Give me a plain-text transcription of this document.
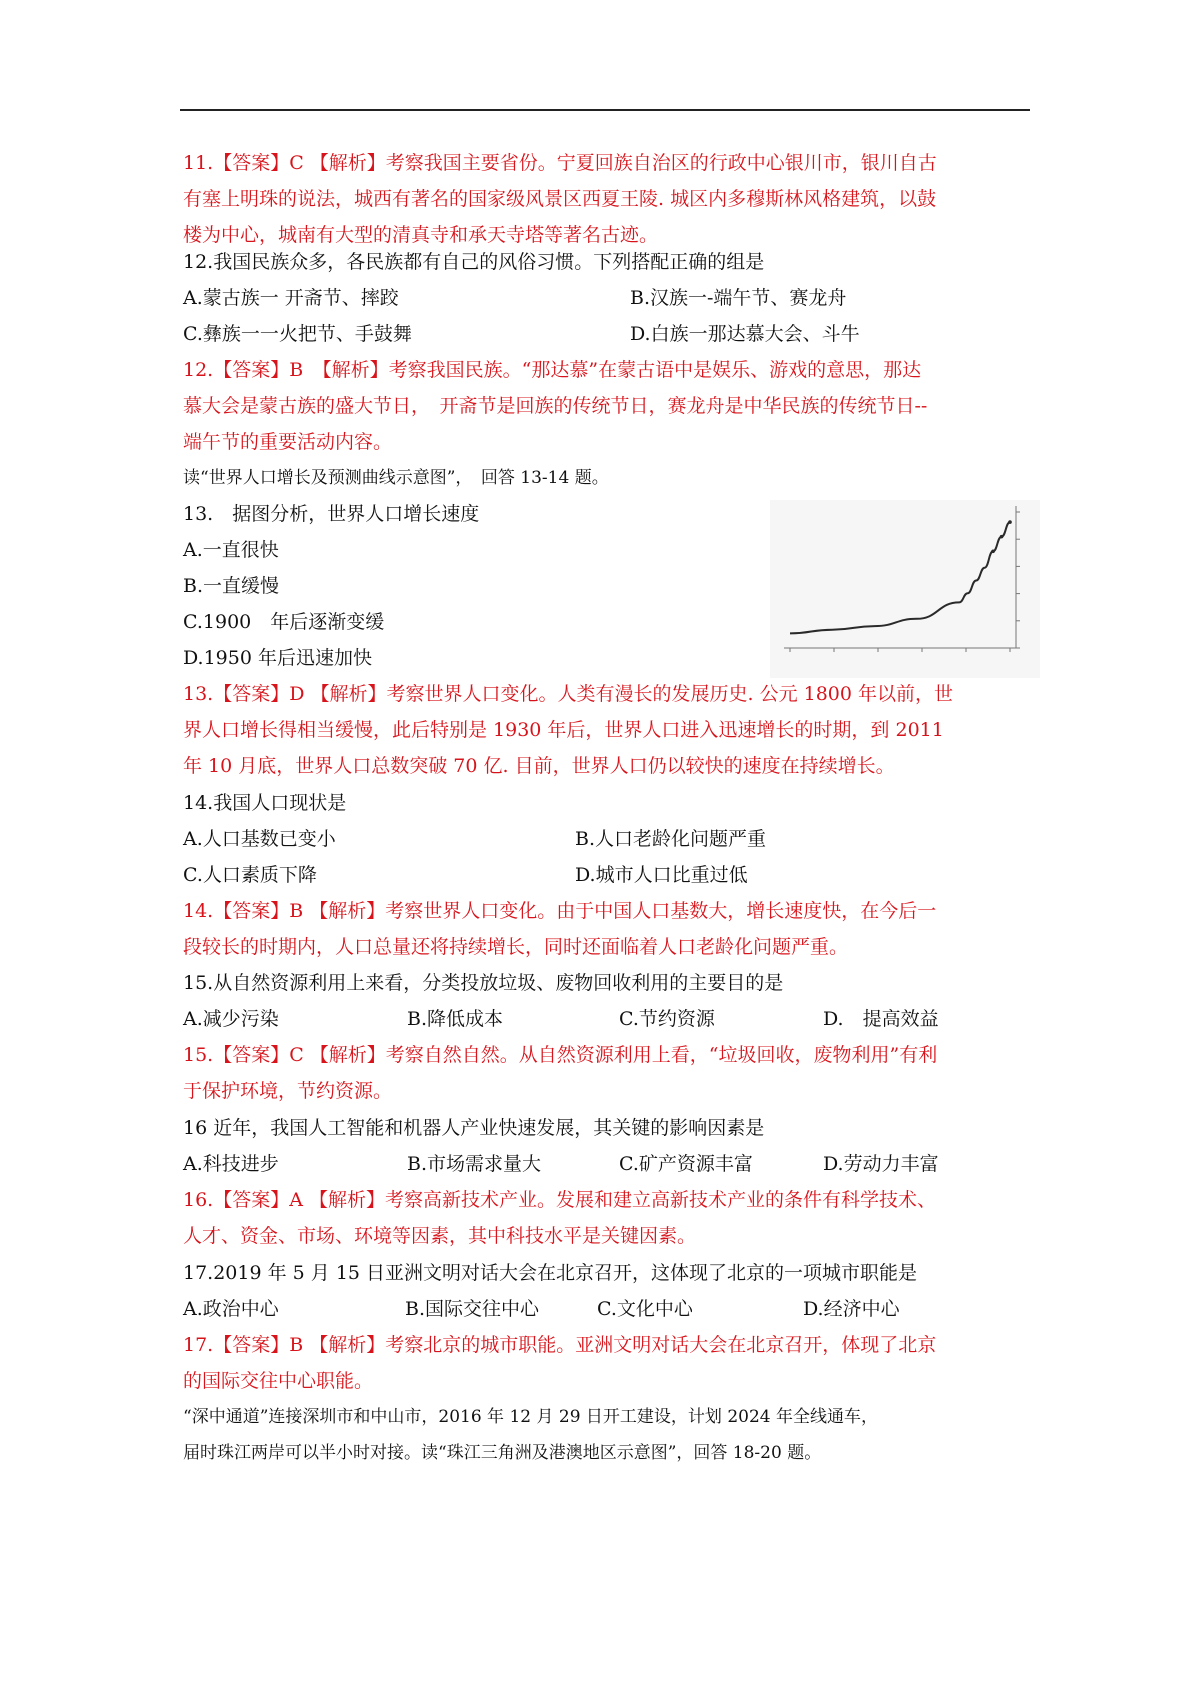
11.【答案】C 【解析】考察我国主要省份。宁夏回族自治区的行政中心银川市，银川自古
有塞上明珠的说法，城西有著名的国家级风景区西夏王陵. 城区内多穆斯林风格建筑，以鼓
楼为中心，城南有大型的清真寺和承天寺塔等著名古迹。
12.我国民族众多，各民族都有自己的风俗习惯。下列搭配正确的组是
A.蒙古族一 开斋节、摔跤	B.汉族一-端午节、赛龙舟
C.彝族一一火把节、手鼓舞	D.白族一那达慕大会、斗牛
12.【答案】B　【解析】考察我国民族。“那达慕”在蒙古语中是娱乐、游戏的意思，那达
慕大会是蒙古族的盛大节日，　开斋节是回族的传统节日，赛龙舟是中华民族的传统节日--
端午节的重要活动内容。
读“世界人口增长及预测曲线示意图”，　回答 13-14 题。
13.　据图分析，世界人口增长速度
A.一直很快
B.一直缓慢
C.1900　年后逐渐变缓
D.1950 年后迅速加快
13.【答案】D 【解析】考察世界人口变化。人类有漫长的发展历史. 公元 1800 年以前，世
界人口增长得相当缓慢，此后特别是 1930 年后，世界人口进入迅速增长的时期，到 2011
年 10 月底，世界人口总数突破 70 亿. 目前，世界人口仍以较快的速度在持续增长。
14.我国人口现状是
A.人口基数已变小	B.人口老龄化问题严重
C.人口素质下降	D.城市人口比重过低
14.【答案】B 【解析】考察世界人口变化。由于中国人口基数大，增长速度快，在今后一
段较长的时期内，人口总量还将持续增长，同时还面临着人口老龄化问题严重。
15.从自然资源利用上来看，分类投放垃圾、废物回收利用的主要目的是
A.减少污染	B.降低成本	C.节约资源	D.　提高效益
15.【答案】C 【解析】考察自然自然。从自然资源利用上看，“垃圾回收，废物利用”有利
于保护环境，节约资源。
16 近年，我国人工智能和机器人产业快速发展，其关键的影响因素是
A.科技进步	B.市场需求量大	C.矿产资源丰富	D.劳动力丰富
16.【答案】A 【解析】考察高新技术产业。发展和建立高新技术产业的条件有科学技术、
人才、资金、市场、环境等因素，其中科技水平是关键因素。
17.2019 年 5 月 15 日亚洲文明对话大会在北京召开，这体现了北京的一项城市职能是
A.政治中心	B.国际交往中心	C.文化中心	D.经济中心
17.【答案】B 【解析】考察北京的城市职能。亚洲文明对话大会在北京召开，体现了北京
的国际交往中心职能。
“深中通道”连接深圳市和中山市，2016 年 12 月 29 日开工建设，计划 2024 年全线通车，
届时珠江两岸可以半小时对接。读“珠江三角洲及港澳地区示意图”，回答 18-20 题。
